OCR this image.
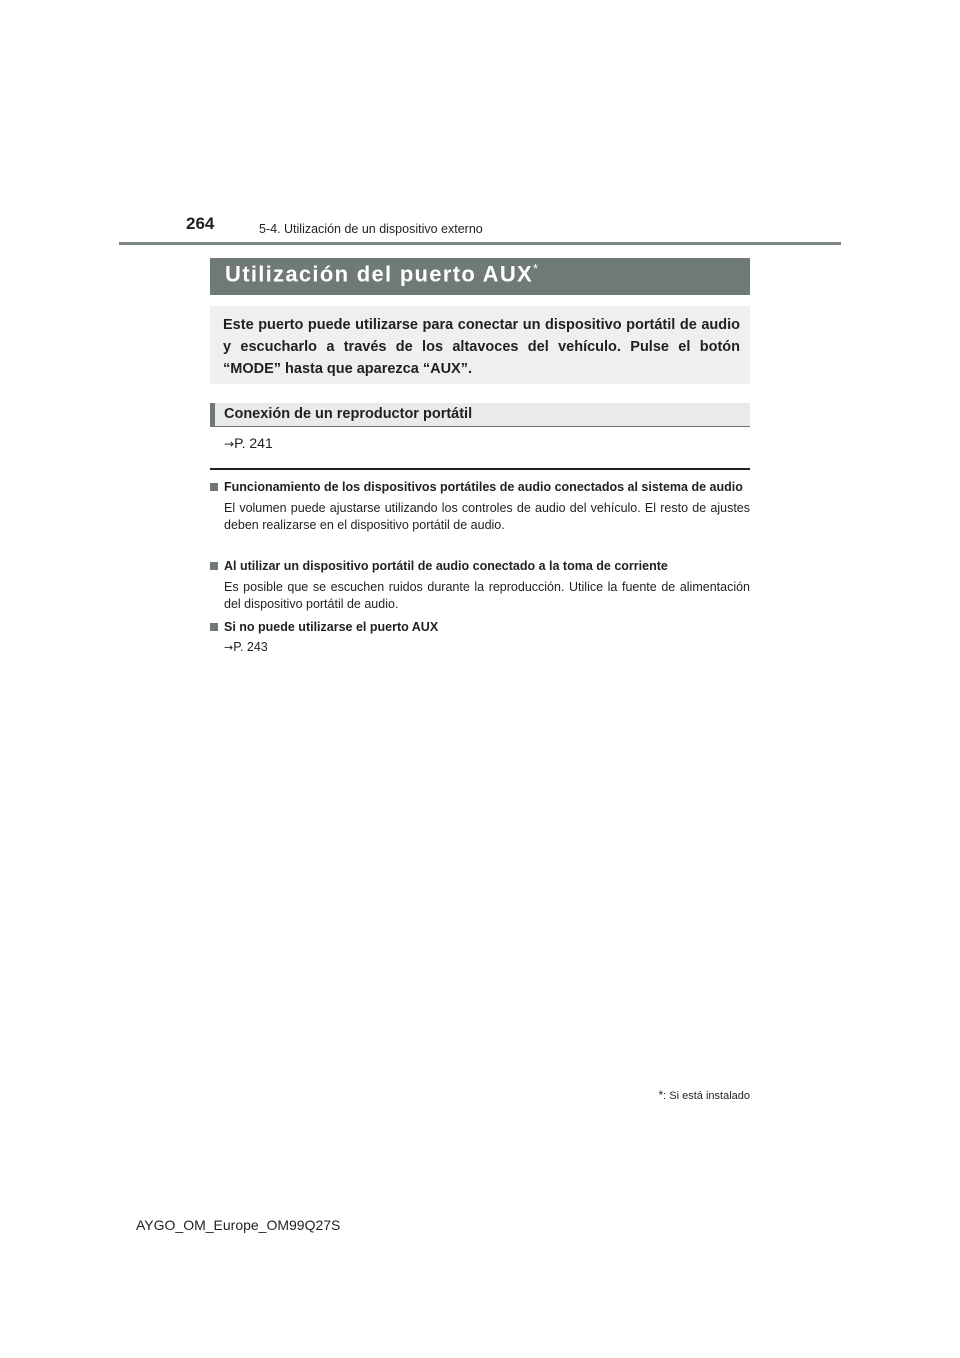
264	5-4. Utilización de un dispositivo externo
Utilización del puerto AUX*
Este puerto puede utilizarse para conectar un dispositivo portátil de audio y escucharlo a través de los altavoces del vehículo. Pulse el botón “MODE” hasta que aparezca “AUX”.
Conexión de un reproductor portátil
→P. 241
Funcionamiento de los dispositivos portátiles de audio conectados al sistema de audio
El volumen puede ajustarse utilizando los controles de audio del vehículo. El resto de ajustes deben realizarse en el dispositivo portátil de audio.
Al utilizar un dispositivo portátil de audio conectado a la toma de corriente
Es posible que se escuchen ruidos durante la reproducción. Utilice la fuente de alimentación del dispositivo portátil de audio.
Si no puede utilizarse el puerto AUX
→P. 243
*: Si está instalado
AYGO_OM_Europe_OM99Q27S
